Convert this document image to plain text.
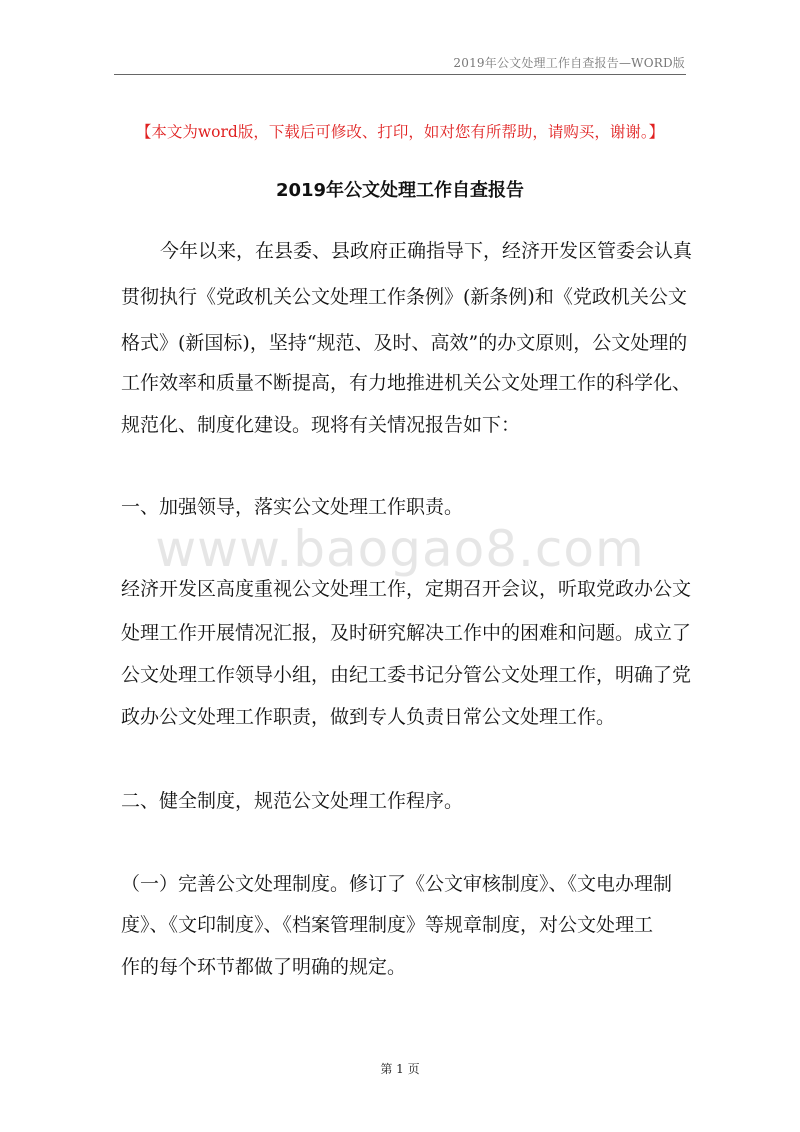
2019年公文处理工作自查报告—WORD版
【本文为word版，下载后可修改、打印，如对您有所帮助，请购买，谢谢。】
2019年公文处理工作自查报告
今年以来，在县委、县政府正确指导下，经济开发区管委会认真
贯彻执行《党政机关公文处理工作条例》(新条例)和《党政机关公文
格式》(新国标)，坚持“规范、及时、高效”的办文原则，公文处理的
工作效率和质量不断提高，有力地推进机关公文处理工作的科学化、
规范化、制度化建设。现将有关情况报告如下：
一、加强领导，落实公文处理工作职责。
www.baogao8.com
经济开发区高度重视公文处理工作，定期召开会议，听取党政办公文
处理工作开展情况汇报，及时研究解决工作中的困难和问题。成立了
公文处理工作领导小组，由纪工委书记分管公文处理工作，明确了党
政办公文处理工作职责，做到专人负责日常公文处理工作。
二、健全制度，规范公文处理工作程序。
（一）完善公文处理制度。修订了《公文审核制度》、《文电办理制
度》、《文印制度》、《档案管理制度》等规章制度，对公文处理工
作的每个环节都做了明确的规定。
第 1 页
